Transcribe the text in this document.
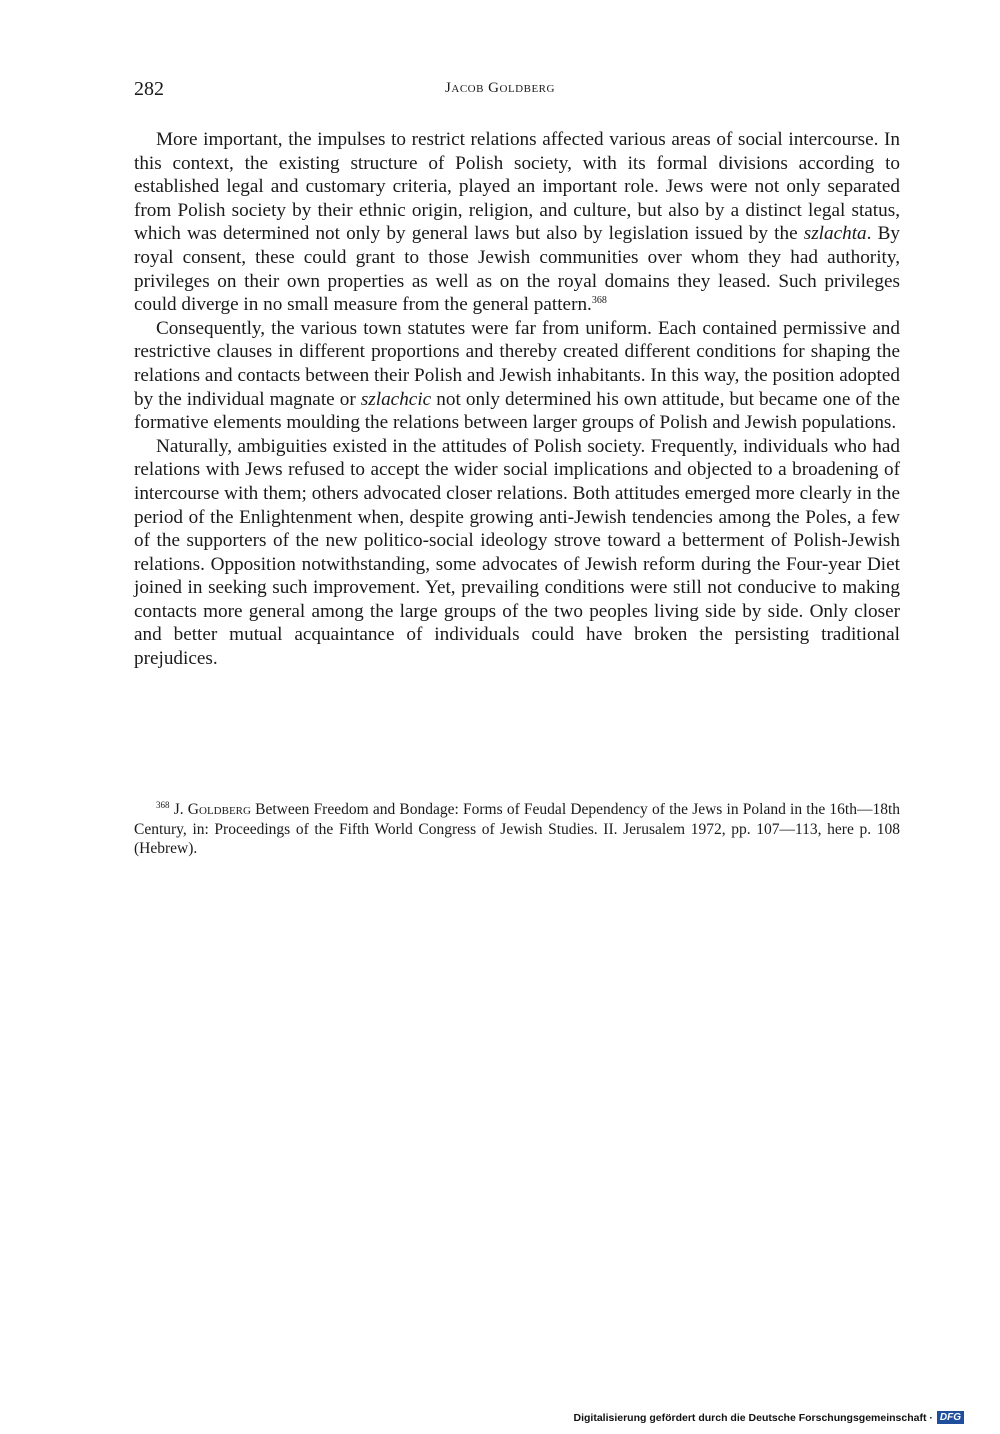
282	Jacob Goldberg

More important, the impulses to restrict relations affected various areas of social intercourse. In this context, the existing structure of Polish society, with its formal divisions according to established legal and customary criteria, played an important role. Jews were not only separated from Polish society by their ethnic origin, religion, and culture, but also by a distinct legal status, which was determined not only by general laws but also by legislation issued by the szlachta. By royal consent, these could grant to those Jewish communities over whom they had authority, privileges on their own properties as well as on the royal domains they leased. Such privileges could diverge in no small measure from the general pattern.$^{368}$

Consequently, the various town statutes were far from uniform. Each contained permissive and restrictive clauses in different proportions and thereby created different conditions for shaping the relations and contacts between their Polish and Jewish inhabitants. In this way, the position adopted by the individual magnate or szlachcic not only determined his own attitude, but became one of the formative elements moulding the relations between larger groups of Polish and Jewish populations.

Naturally, ambiguities existed in the attitudes of Polish society. Frequently, individuals who had relations with Jews refused to accept the wider social implications and objected to a broadening of intercourse with them; others advocated closer relations. Both attitudes emerged more clearly in the period of the Enlightenment when, despite growing anti-Jewish tendencies among the Poles, a few of the supporters of the new politico-social ideology strove toward a betterment of Polish-Jewish relations. Opposition notwithstanding, some advocates of Jewish reform during the Four-year Diet joined in seeking such improvement. Yet, prevailing conditions were still not conducive to making contacts more general among the large groups of the two peoples living side by side. Only closer and better mutual acquaintance of individuals could have broken the persisting traditional prejudices.

$^{368}$ J. Goldberg Between Freedom and Bondage: Forms of Feudal Dependency of the Jews in Poland in the 16th—18th Century, in: Proceedings of the Fifth World Congress of Jewish Studies. II. Jerusalem 1972, pp. 107—113, here p. 108 (Hebrew).
Digitalisierung gefördert durch die Deutsche Forschungsgemeinschaft · DFG
